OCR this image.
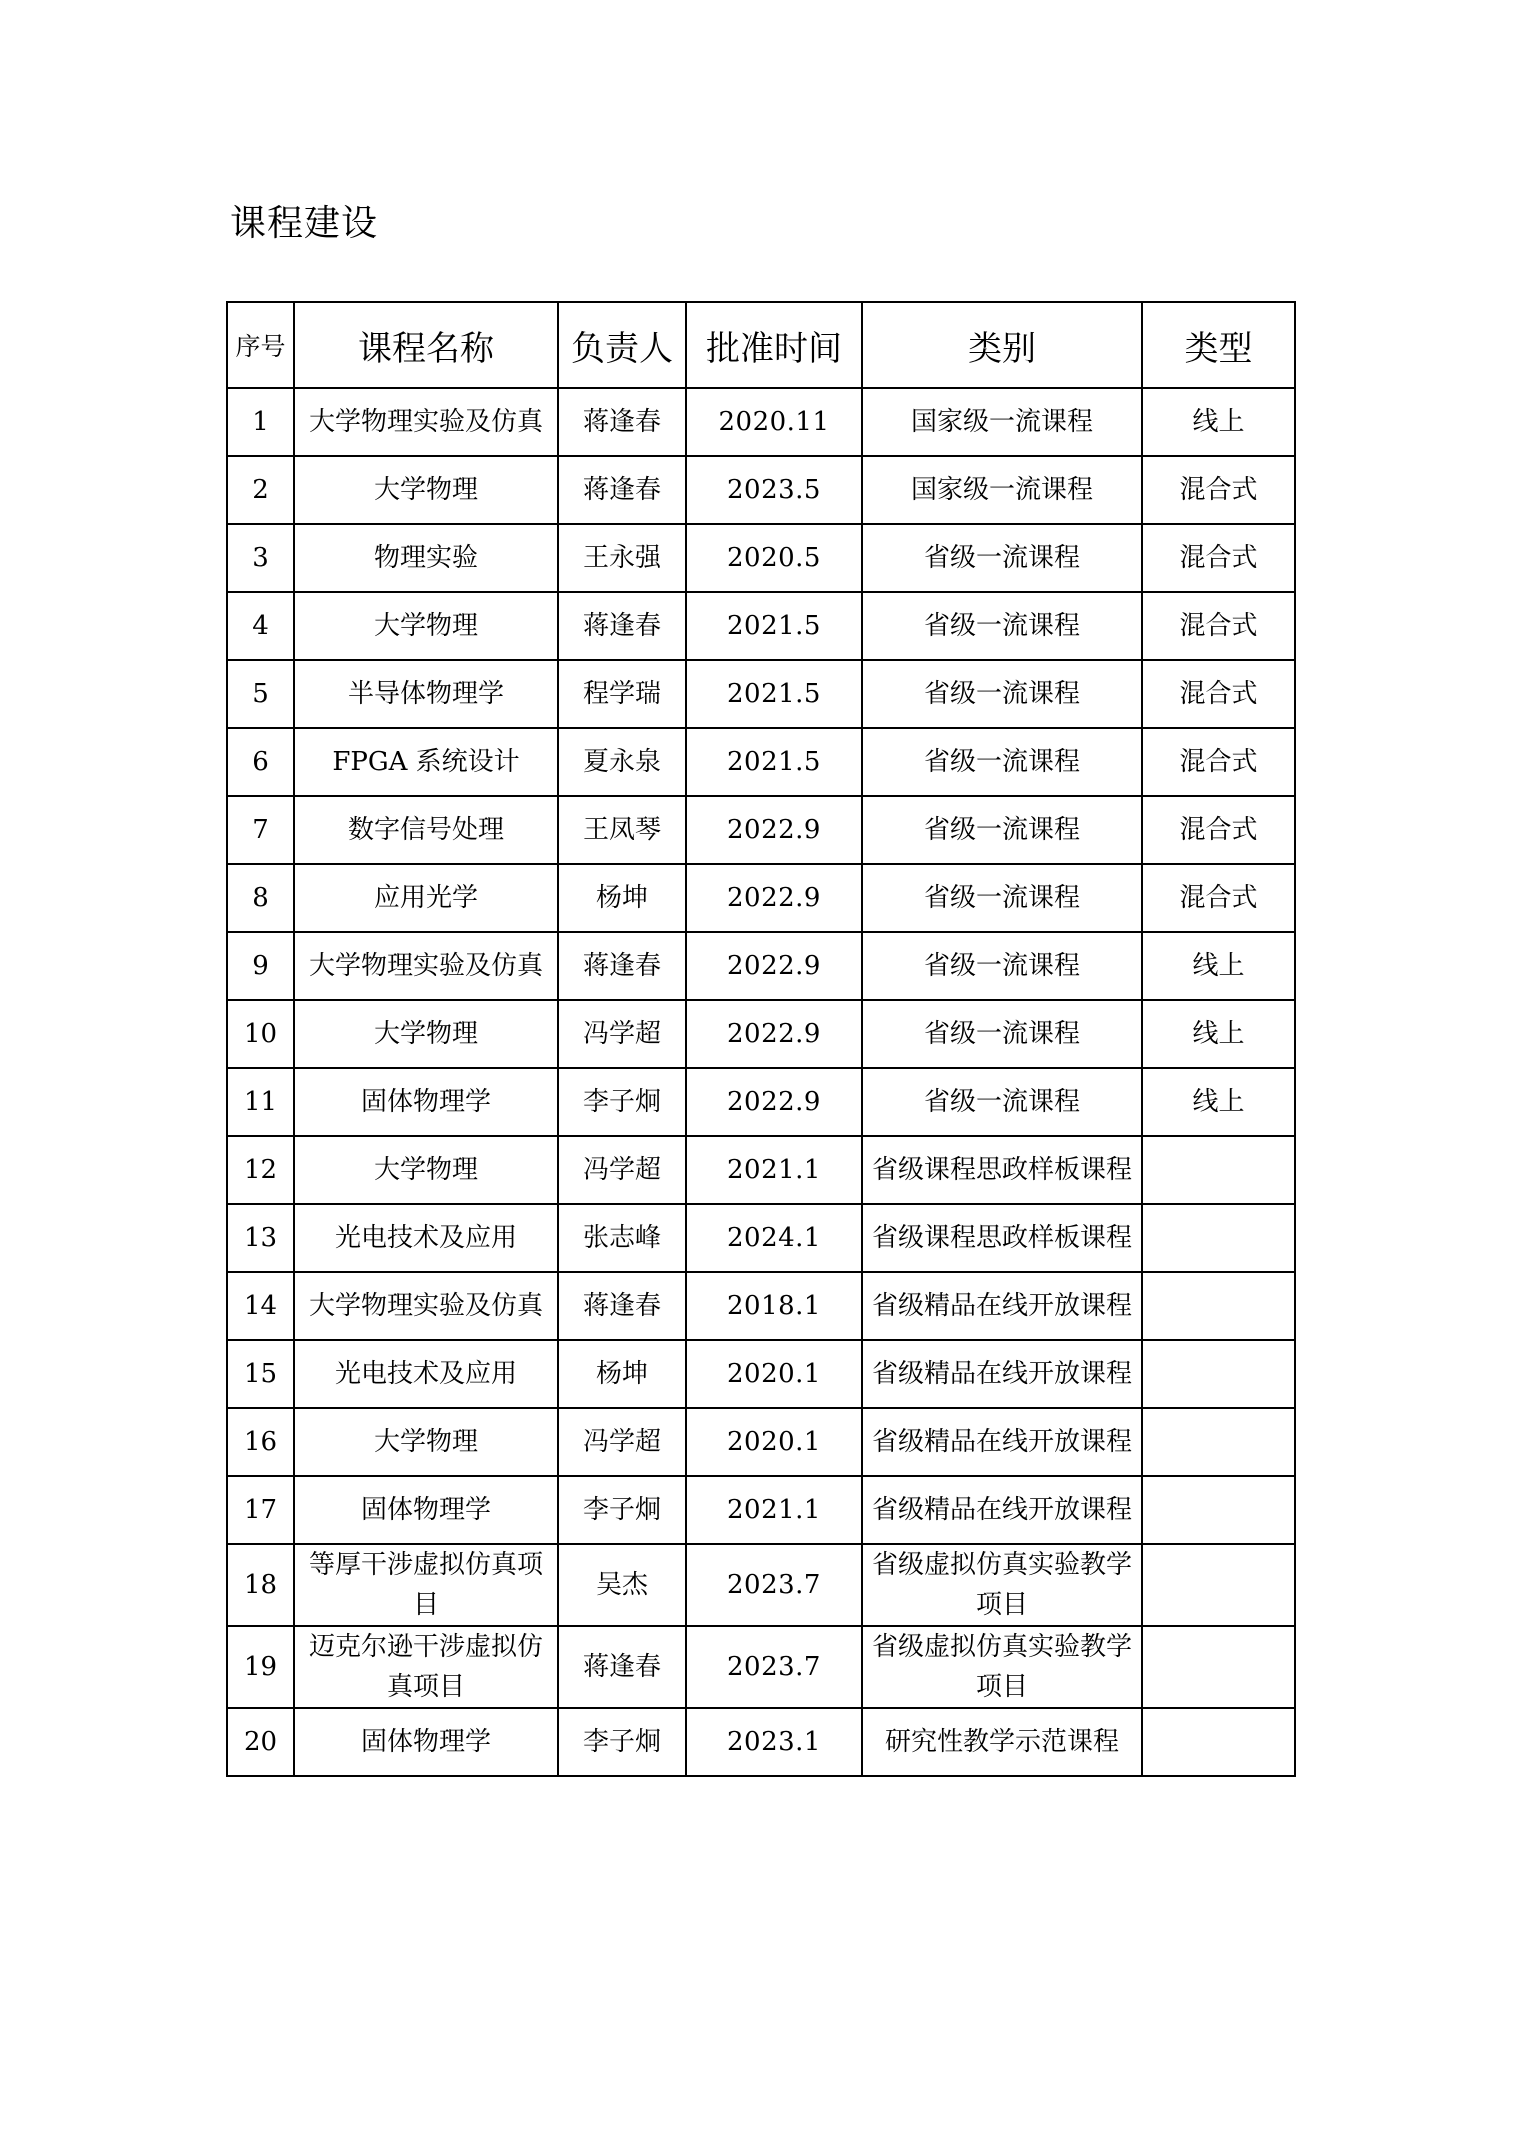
课程建设
序号	课程名称	负责人	批准时间	类别	类型
1	大学物理实验及仿真	蒋逢春	2020.11	国家级一流课程	线上
2	大学物理	蒋逢春	2023.5	国家级一流课程	混合式
3	物理实验	王永强	2020.5	省级一流课程	混合式
4	大学物理	蒋逢春	2021.5	省级一流课程	混合式
5	半导体物理学	程学瑞	2021.5	省级一流课程	混合式
6	FPGA 系统设计	夏永泉	2021.5	省级一流课程	混合式
7	数字信号处理	王凤琴	2022.9	省级一流课程	混合式
8	应用光学	杨坤	2022.9	省级一流课程	混合式
9	大学物理实验及仿真	蒋逢春	2022.9	省级一流课程	线上
10	大学物理	冯学超	2022.9	省级一流课程	线上
11	固体物理学	李子炯	2022.9	省级一流课程	线上
12	大学物理	冯学超	2021.1	省级课程思政样板课程	
13	光电技术及应用	张志峰	2024.1	省级课程思政样板课程	
14	大学物理实验及仿真	蒋逢春	2018.1	省级精品在线开放课程	
15	光电技术及应用	杨坤	2020.1	省级精品在线开放课程	
16	大学物理	冯学超	2020.1	省级精品在线开放课程	
17	固体物理学	李子炯	2021.1	省级精品在线开放课程	
18	等厚干涉虚拟仿真项目	吴杰	2023.7	省级虚拟仿真实验教学项目	
19	迈克尔逊干涉虚拟仿真项目	蒋逢春	2023.7	省级虚拟仿真实验教学项目	
20	固体物理学	李子炯	2023.1	研究性教学示范课程	
